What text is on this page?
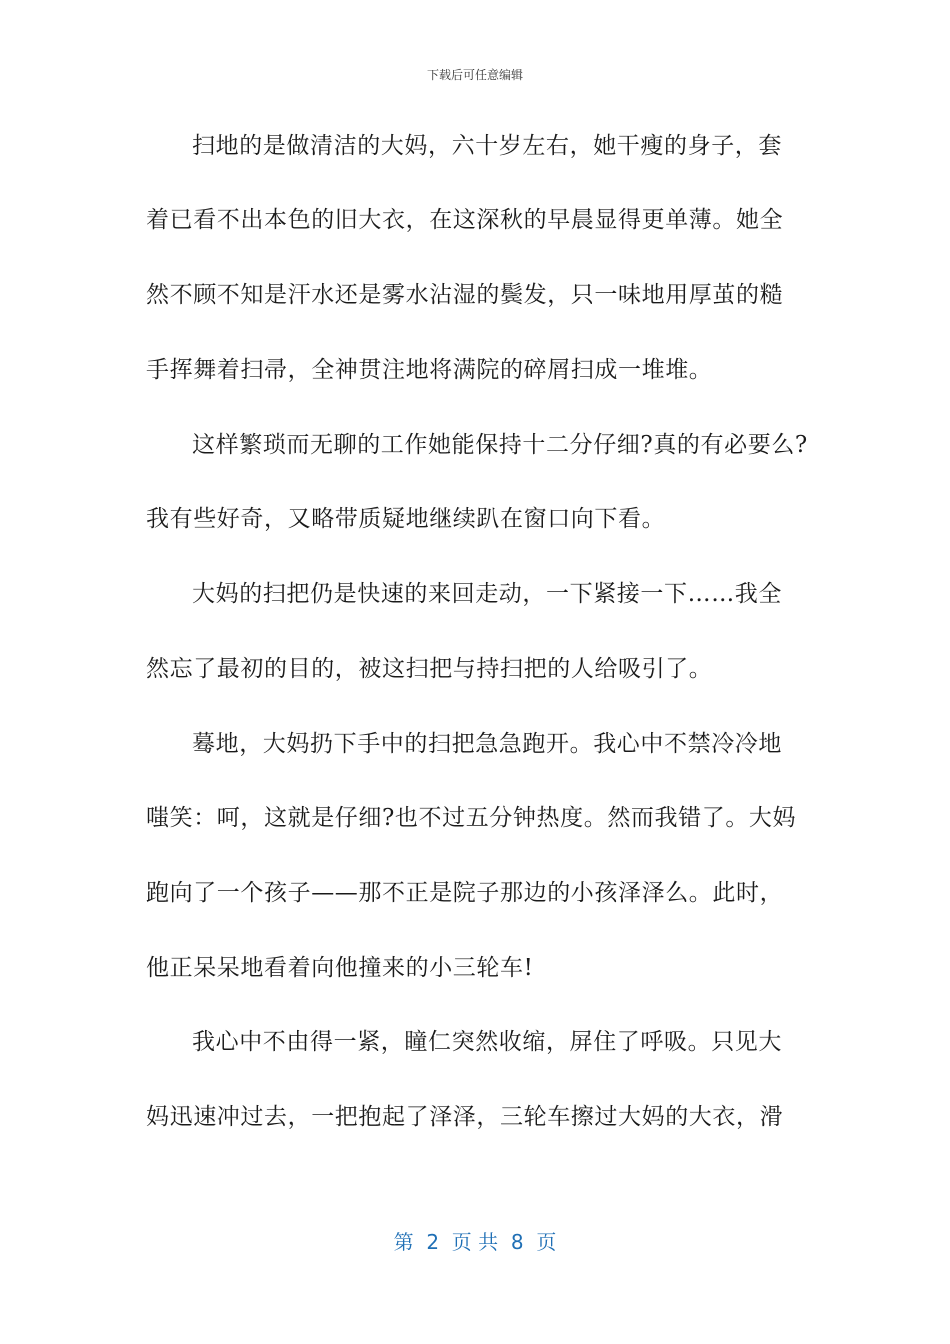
下载后可任意编辑
扫地的是做清洁的大妈，六十岁左右，她干瘦的身子，套
着已看不出本色的旧大衣，在这深秋的早晨显得更单薄。她全
然不顾不知是汗水还是雾水沾湿的鬓发，只一味地用厚茧的糙
手挥舞着扫帚，全神贯注地将满院的碎屑扫成一堆堆。
这样繁琐而无聊的工作她能保持十二分仔细?真的有必要么?
我有些好奇，又略带质疑地继续趴在窗口向下看。
大妈的扫把仍是快速的来回走动，一下紧接一下……我全
然忘了最初的目的，被这扫把与持扫把的人给吸引了。
蓦地，大妈扔下手中的扫把急急跑开。我心中不禁冷冷地
嗤笑：呵，这就是仔细?也不过五分钟热度。然而我错了。大妈
跑向了一个孩子——那不正是院子那边的小孩泽泽么。此时，
他正呆呆地看着向他撞来的小三轮车!
我心中不由得一紧，瞳仁突然收缩，屏住了呼吸。只见大
妈迅速冲过去，一把抱起了泽泽，三轮车擦过大妈的大衣，滑
第  2  页 共  8  页
